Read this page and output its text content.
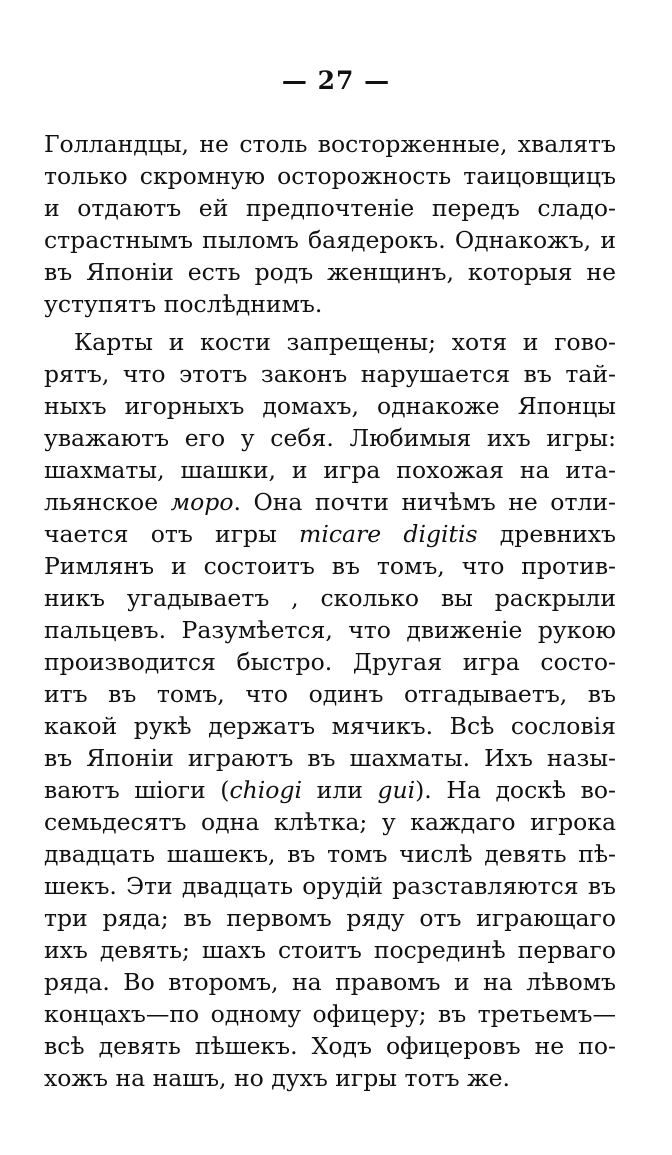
— 27 —
Голландцы, не столь восторженные, хвалятъ
только скромную осторожность таицовщицъ
и отдаютъ ей предпочтеніе передъ сладо-
страстнымъ пыломъ баядерокъ. Однакожъ, и
въ Японіи есть родъ женщинъ, которыя не
уступятъ послѣднимъ.
Карты и кости запрещены; хотя и гово-
рятъ, что этотъ законъ нарушается въ тай-
ныхъ игорныхъ домахъ, однакоже Японцы
уважаютъ его у себя. Любимыя ихъ игры:
шахматы, шашки, и игра похожая на ита-
льянское моро. Она почти ничѣмъ не отли-
чается отъ игры micare digitis древнихъ
Римлянъ и состоитъ въ томъ, что против-
никъ угадываетъ , сколько вы раскрыли
пальцевъ. Разумѣется, что движеніе рукою
производится быстро. Другая игра состо-
итъ въ томъ, что одинъ отгадываетъ, въ
какой рукѣ держатъ мячикъ. Всѣ сословія
въ Японіи играютъ въ шахматы. Ихъ назы-
ваютъ шіоги (chiogi или gui). На доскѣ во-
семьдесятъ одна клѣтка; у каждаго игрока
двадцать шашекъ, въ томъ числѣ девять пѣ-
шекъ. Эти двадцать орудій разставляются въ
три ряда; въ первомъ ряду отъ играющаго
ихъ девять; шахъ стоитъ посрединѣ перваго
ряда. Во второмъ, на правомъ и на лѣвомъ
концахъ—по одному офицеру; въ третьемъ—
всѣ девять пѣшекъ. Ходъ офицеровъ не по-
хожъ на нашъ, но духъ игры тотъ же.
